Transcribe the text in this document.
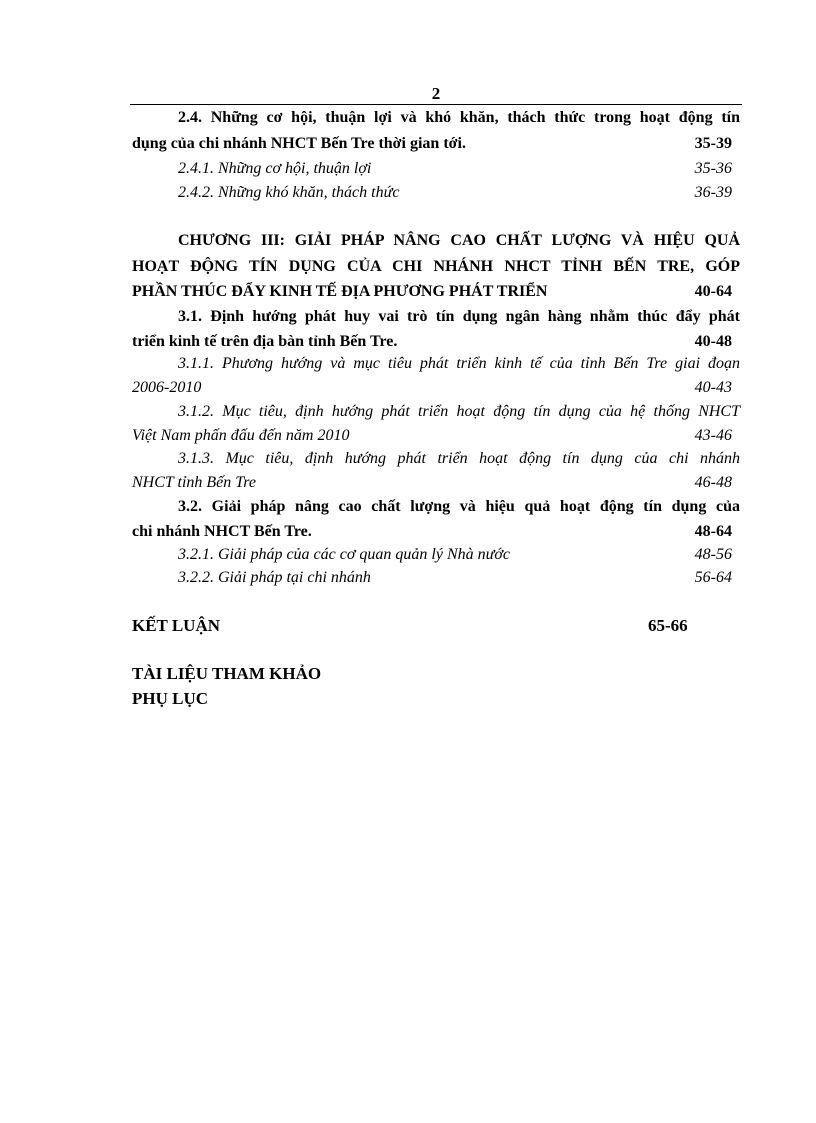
2
2.4. Những cơ hội, thuận lợi và khó khăn, thách thức trong hoạt động tín
dụng của chi nhánh NHCT Bến Tre thời gian tới.	35-39
2.4.1. Những cơ hội, thuận lợi	35-36
2.4.2. Những khó khăn, thách thức	36-39
CHƯƠNG III: GIẢI PHÁP NÂNG CAO CHẤT LƯỢNG VÀ HIỆU QUẢ
HOẠT ĐỘNG TÍN DỤNG CỦA CHI NHÁNH NHCT TỈNH BẾN TRE, GÓP
PHẦN THÚC ĐẨY KINH TẾ ĐỊA PHƯƠNG PHÁT TRIỂN	40-64
3.1. Định hướng phát huy vai trò tín dụng ngân hàng nhằm thúc đẩy phát
triển kinh tế trên địa bàn tỉnh Bến Tre.	40-48
3.1.1. Phương hướng và mục tiêu phát triển kinh tế của tỉnh Bến Tre giai đoạn
2006-2010	40-43
3.1.2. Mục tiêu, định hướng phát triển hoạt động tín dụng của hệ thống NHCT
Việt Nam phấn đấu đến năm 2010	43-46
3.1.3. Mục tiêu, định hướng phát triển hoạt động tín dụng của chi nhánh
NHCT tỉnh Bến Tre	46-48
3.2. Giải pháp nâng cao chất lượng và hiệu quả hoạt động tín dụng của
chi nhánh NHCT Bến Tre.	48-64
3.2.1. Giải pháp của các cơ quan quản lý Nhà nước	48-56
3.2.2. Giải pháp tại chi nhánh	56-64
KẾT LUẬN	65-66
TÀI LIỆU THAM KHẢO
PHỤ LỤC
